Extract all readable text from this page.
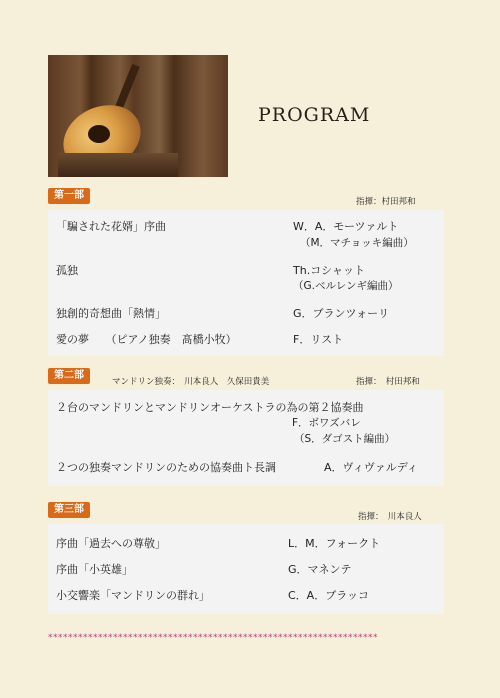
PROGRAM
第一部
指揮：村田邦和
「騙された花婿」序曲	W．A．モーツァルト
（M．マチョッキ編曲）
孤独	Th.コシャット
（G.ベルレンギ編曲）
独創的奇想曲「熱情」	G．ブランツォーリ
愛の夢　　（ピアノ独奏　髙橋小牧）	F．リスト
第二部
マンドリン独奏：　川本良人　久保田貴美	指揮：　村田邦和
２台のマンドリンとマンドリンオーケストラの為の第２協奏曲
F．ボワズバレ
（S．ダゴスト編曲）
２つの独奏マンドリンのための協奏曲ト長調	A．ヴィヴァルディ
第三部
指揮：　川本良人
序曲「過去への尊敬」	L．M．フォークト
序曲「小英雄」	G．マネンテ
小交響楽「マンドリンの群れ」	C．A．ブラッコ
******************************************************************
